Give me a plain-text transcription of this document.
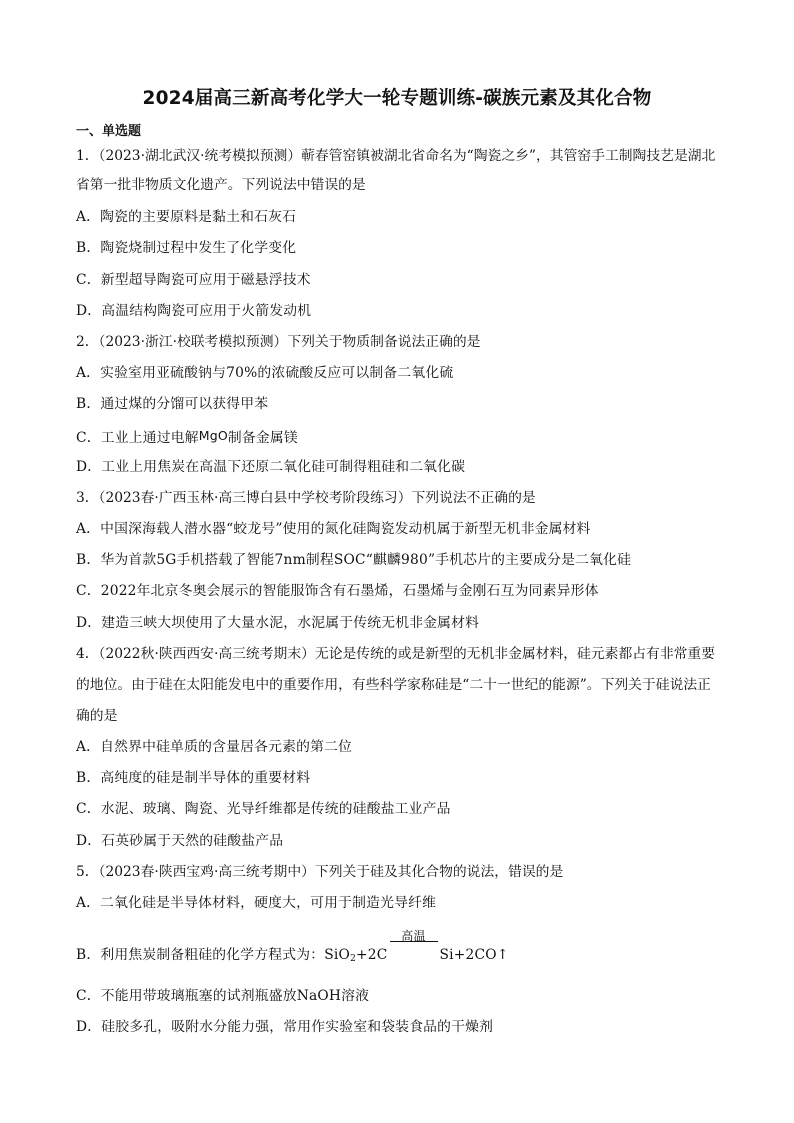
2024届高三新高考化学大一轮专题训练-碳族元素及其化合物
一、单选题
1．（2023·湖北武汉·统考模拟预测）蕲春管窑镇被湖北省命名为“陶瓷之乡”，其管窑手工制陶技艺是湖北
省第一批非物质文化遗产。下列说法中错误的是
A．陶瓷的主要原料是黏土和石灰石
B．陶瓷烧制过程中发生了化学变化
C．新型超导陶瓷可应用于磁悬浮技术
D．高温结构陶瓷可应用于火箭发动机
2．（2023·浙江·校联考模拟预测）下列关于物质制备说法正确的是
A．实验室用亚硫酸钠与70%的浓硫酸反应可以制备二氧化硫
B．通过煤的分馏可以获得甲苯
C．工业上通过电解MgO制备金属镁
D．工业上用焦炭在高温下还原二氧化硅可制得粗硅和二氧化碳
3．（2023春·广西玉林·高三博白县中学校考阶段练习）下列说法不正确的是
A．中国深海载人潜水器“蛟龙号”使用的氮化硅陶瓷发动机属于新型无机非金属材料
B．华为首款5G手机搭载了智能7nm制程SOC“麒麟980”手机芯片的主要成分是二氧化硅
C．2022年北京冬奥会展示的智能服饰含有石墨烯，石墨烯与金刚石互为同素异形体
D．建造三峡大坝使用了大量水泥，水泥属于传统无机非金属材料
4．（2022秋·陕西西安·高三统考期末）无论是传统的或是新型的无机非金属材料，硅元素都占有非常重要
的地位。由于硅在太阳能发电中的重要作用，有些科学家称硅是“二十一世纪的能源”。下列关于硅说法正
确的是
A．自然界中硅单质的含量居各元素的第二位
B．高纯度的硅是制半导体的重要材料
C．水泥、玻璃、陶瓷、光导纤维都是传统的硅酸盐工业产品
D．石英砂属于天然的硅酸盐产品
5．（2023春·陕西宝鸡·高三统考期中）下列关于硅及其化合物的说法，错误的是
A．二氧化硅是半导体材料，硬度大，可用于制造光导纤维
B．利用焦炭制备粗硅的化学方程式为：SiO$_2$+2C
高温
Si+2CO↑
C．不能用带玻璃瓶塞的试剂瓶盛放NaOH溶液
D．硅胶多孔，吸附水分能力强，常用作实验室和袋装食品的干燥剂
